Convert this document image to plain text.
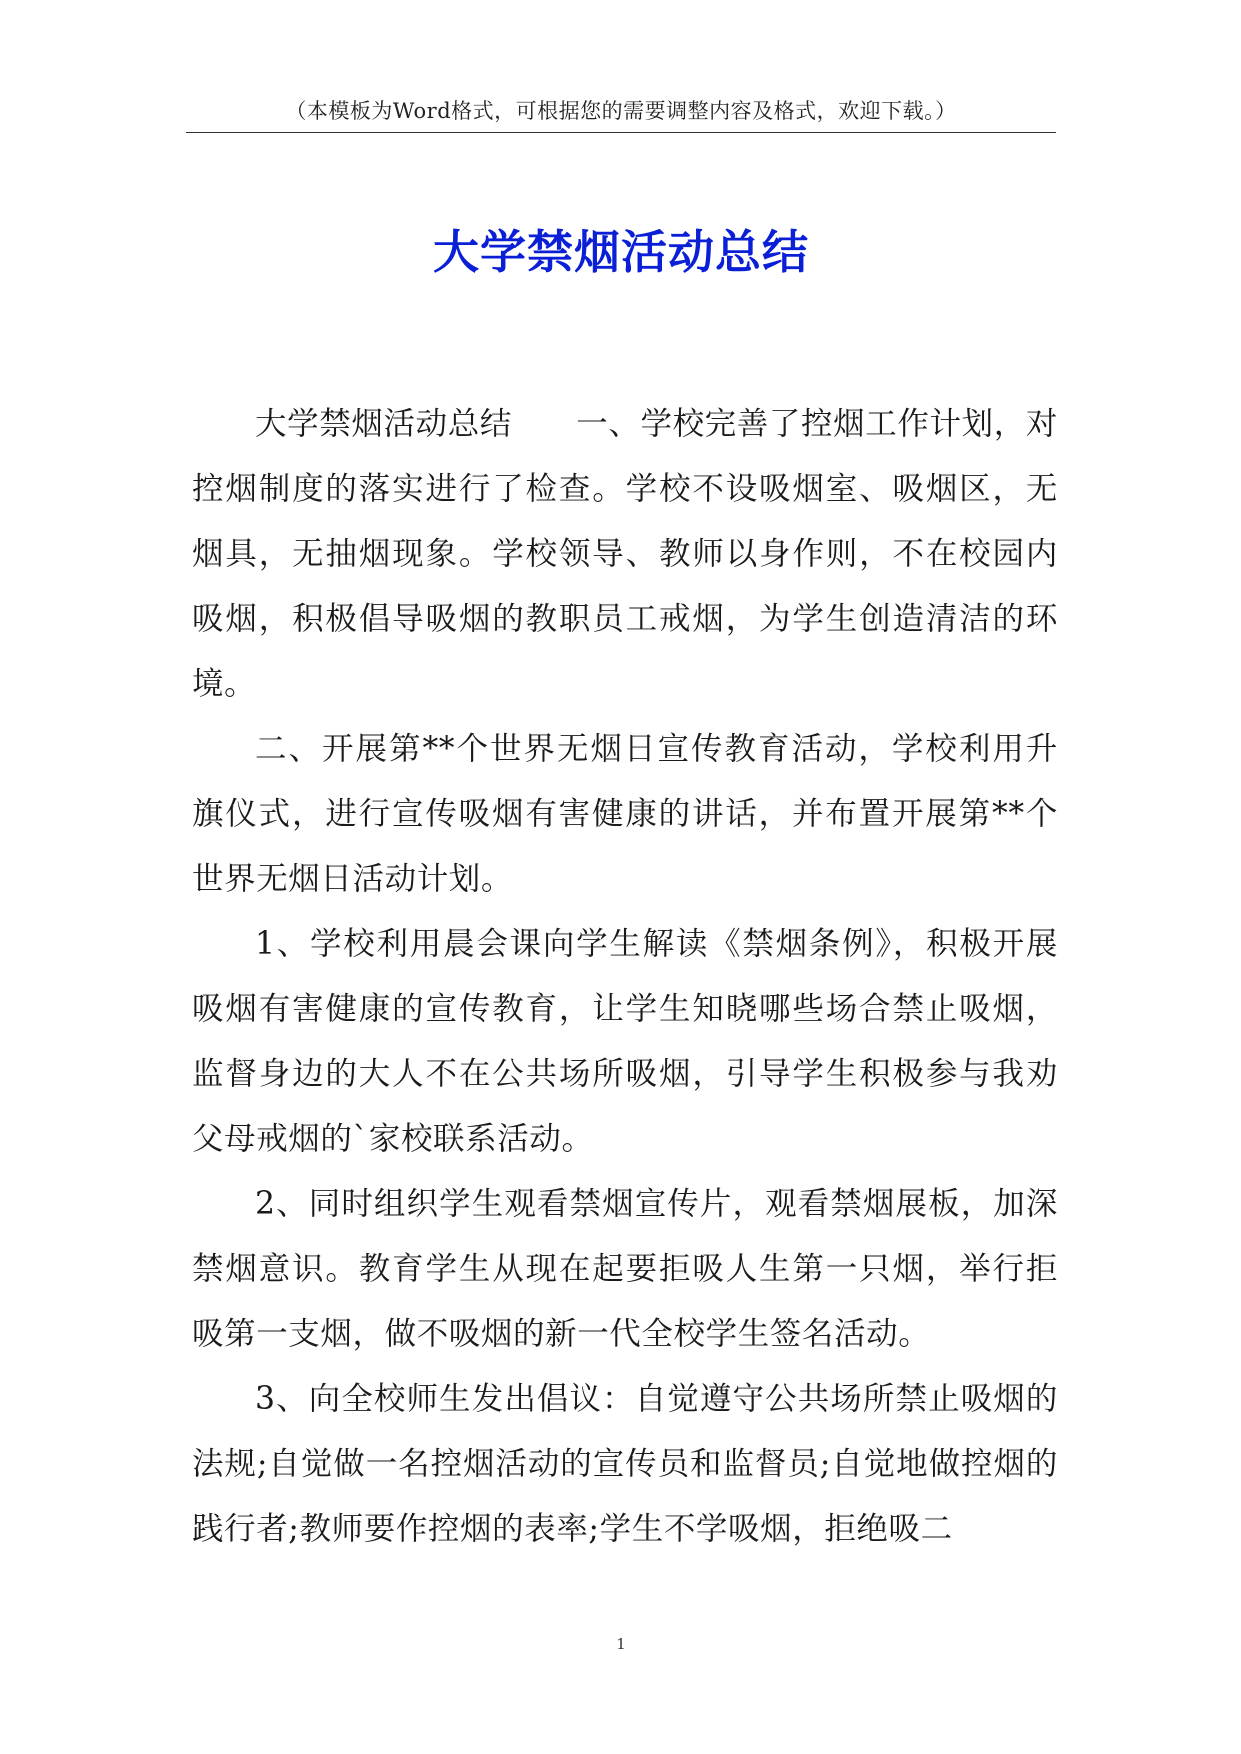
（本模板为Word格式，可根据您的需要调整内容及格式，欢迎下载。）
大学禁烟活动总结

大学禁烟活动总结　　一、学校完善了控烟工作计划，对控烟制度的落实进行了检查。学校不设吸烟室、吸烟区，无烟具，无抽烟现象。学校领导、教师以身作则，不在校园内吸烟，积极倡导吸烟的教职员工戒烟，为学生创造清洁的环境。

二、开展第**个世界无烟日宣传教育活动，学校利用升旗仪式，进行宣传吸烟有害健康的讲话，并布置开展第**个世界无烟日活动计划。

1、学校利用晨会课向学生解读《禁烟条例》，积极开展吸烟有害健康的宣传教育，让学生知晓哪些场合禁止吸烟，监督身边的大人不在公共场所吸烟，引导学生积极参与我劝父母戒烟的`家校联系活动。

2、同时组织学生观看禁烟宣传片，观看禁烟展板，加深禁烟意识。教育学生从现在起要拒吸人生第一只烟，举行拒吸第一支烟，做不吸烟的新一代全校学生签名活动。

3、向全校师生发出倡议：自觉遵守公共场所禁止吸烟的法规;自觉做一名控烟活动的宣传员和监督员;自觉地做控烟的践行者;教师要作控烟的表率;学生不学吸烟，拒绝吸二

1
